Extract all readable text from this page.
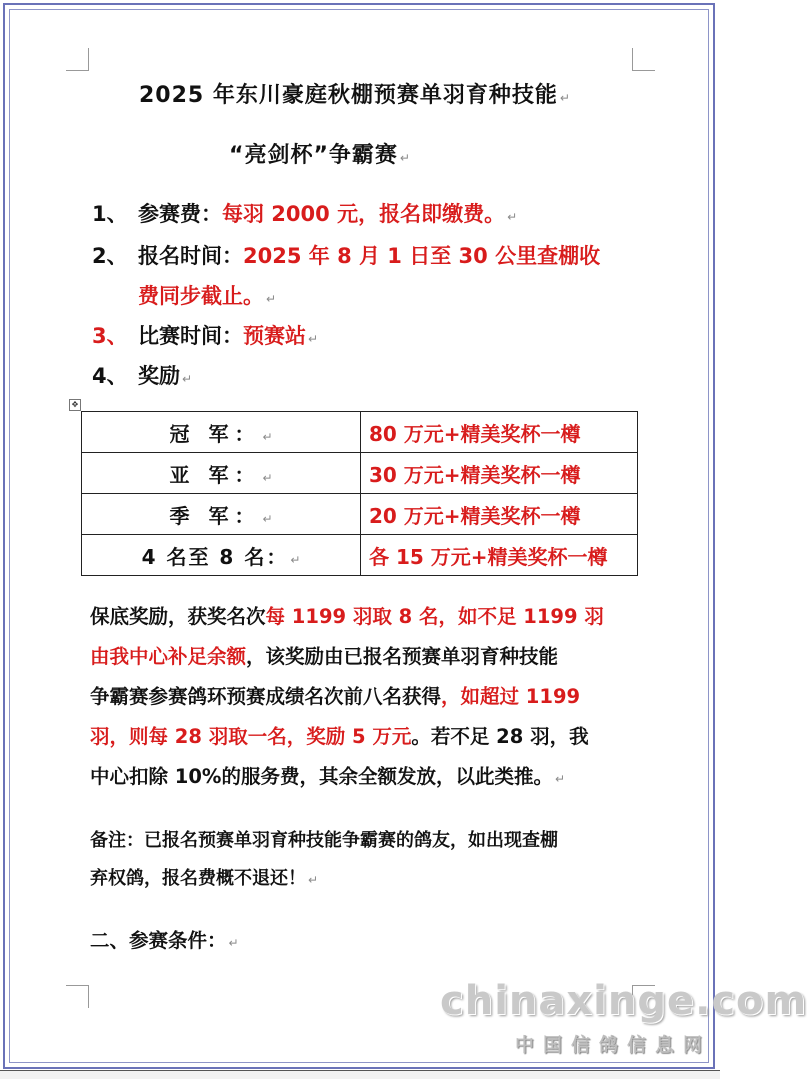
2025 年东川豪庭秋棚预赛单羽育种技能 ↵
“亮剑杯”争霸赛 ↵
1、 参赛费：每羽 2000 元，报名即缴费。 ↵
2、 报名时间：2025 年 8 月 1 日至 30 公里查棚收
费同步截止。 ↵
3、 比赛时间：预赛站 ↵
4、 奖励 ↵
✥
冠 军： ↵	80 万元+精美奖杯一樽
亚 军： ↵	30 万元+精美奖杯一樽
季 军： ↵	20 万元+精美奖杯一樽
4 名至 8 名： ↵	各 15 万元+精美奖杯一樽
保底奖励，获奖名次每 1199 羽取 8 名，如不足 1199 羽
由我中心补足余额，该奖励由已报名预赛单羽育种技能
争霸赛参赛鸽环预赛成绩名次前八名获得，如超过 1199
羽，则每 28 羽取一名，奖励 5 万元。若不足 28 羽，我
中心扣除 10%的服务费，其余全额发放，以此类推。 ↵
备注：已报名预赛单羽育种技能争霸赛的鸽友，如出现查棚
弃权鸽，报名费概不退还！ ↵
二、参赛条件： ↵
chinaxinge.com
中国信鸽信息网
